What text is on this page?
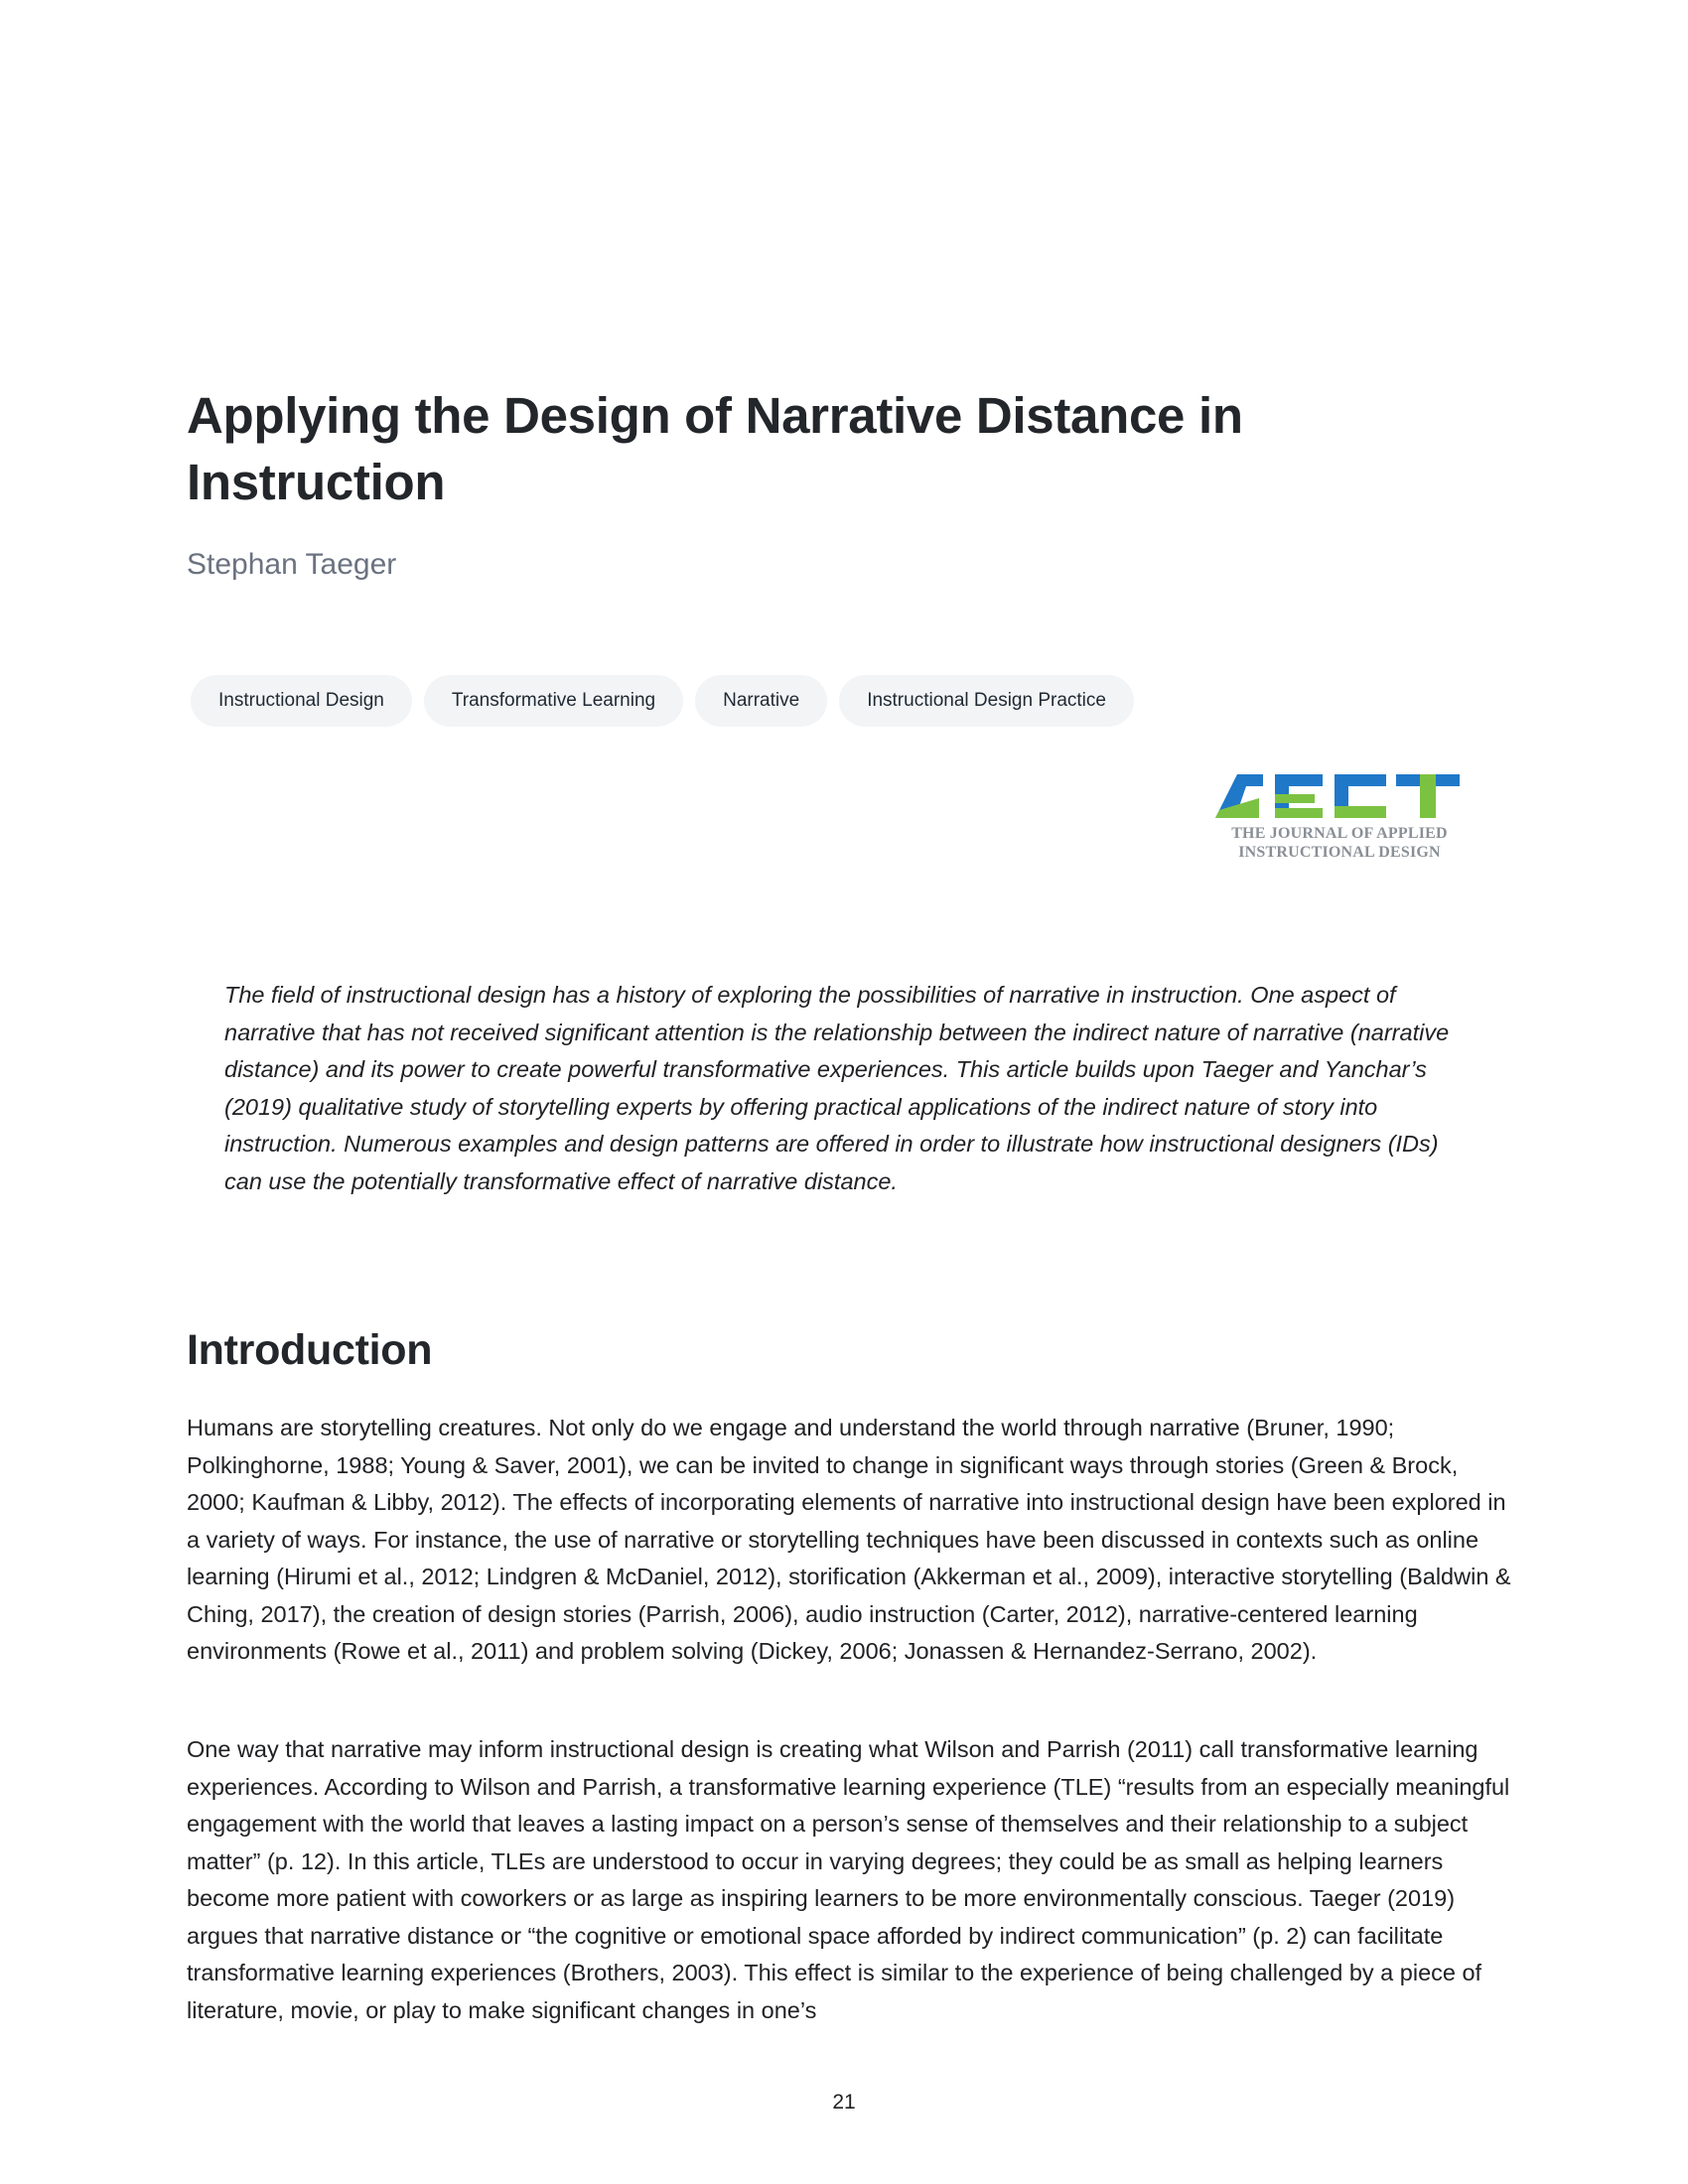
Applying the Design of Narrative Distance in Instruction

Stephan Taeger

Instructional Design	Transformative Learning	Narrative	Instructional Design Practice
THE JOURNAL OF APPLIED
INSTRUCTIONAL DESIGN

The field of instructional design has a history of exploring the possibilities of narrative in instruction. One aspect of narrative that has not received significant attention is the relationship between the indirect nature of narrative (narrative distance) and its power to create powerful transformative experiences. This article builds upon Taeger and Yanchar’s (2019) qualitative study of storytelling experts by offering practical applications of the indirect nature of story into instruction. Numerous examples and design patterns are offered in order to illustrate how instructional designers (IDs) can use the potentially transformative effect of narrative distance.

Introduction

Humans are storytelling creatures. Not only do we engage and understand the world through narrative (Bruner, 1990; Polkinghorne, 1988; Young & Saver, 2001), we can be invited to change in significant ways through stories (Green & Brock, 2000; Kaufman & Libby, 2012). The effects of incorporating elements of narrative into instructional design have been explored in a variety of ways. For instance, the use of narrative or storytelling techniques have been discussed in contexts such as online learning (Hirumi et al., 2012; Lindgren & McDaniel, 2012), storification (Akkerman et al., 2009), interactive storytelling (Baldwin & Ching, 2017), the creation of design stories (Parrish, 2006), audio instruction (Carter, 2012), narrative-centered learning environments (Rowe et al., 2011) and problem solving (Dickey, 2006; Jonassen & Hernandez-Serrano, 2002).

One way that narrative may inform instructional design is creating what Wilson and Parrish (2011) call transformative learning experiences. According to Wilson and Parrish, a transformative learning experience (TLE) “results from an especially meaningful engagement with the world that leaves a lasting impact on a person’s sense of themselves and their relationship to a subject matter” (p. 12). In this article, TLEs are understood to occur in varying degrees; they could be as small as helping learners become more patient with coworkers or as large as inspiring learners to be more environmentally conscious. Taeger (2019) argues that narrative distance or “the cognitive or emotional space afforded by indirect communication” (p. 2) can facilitate transformative learning experiences (Brothers, 2003). This effect is similar to the experience of being challenged by a piece of literature, movie, or play to make significant changes in one’s

21
